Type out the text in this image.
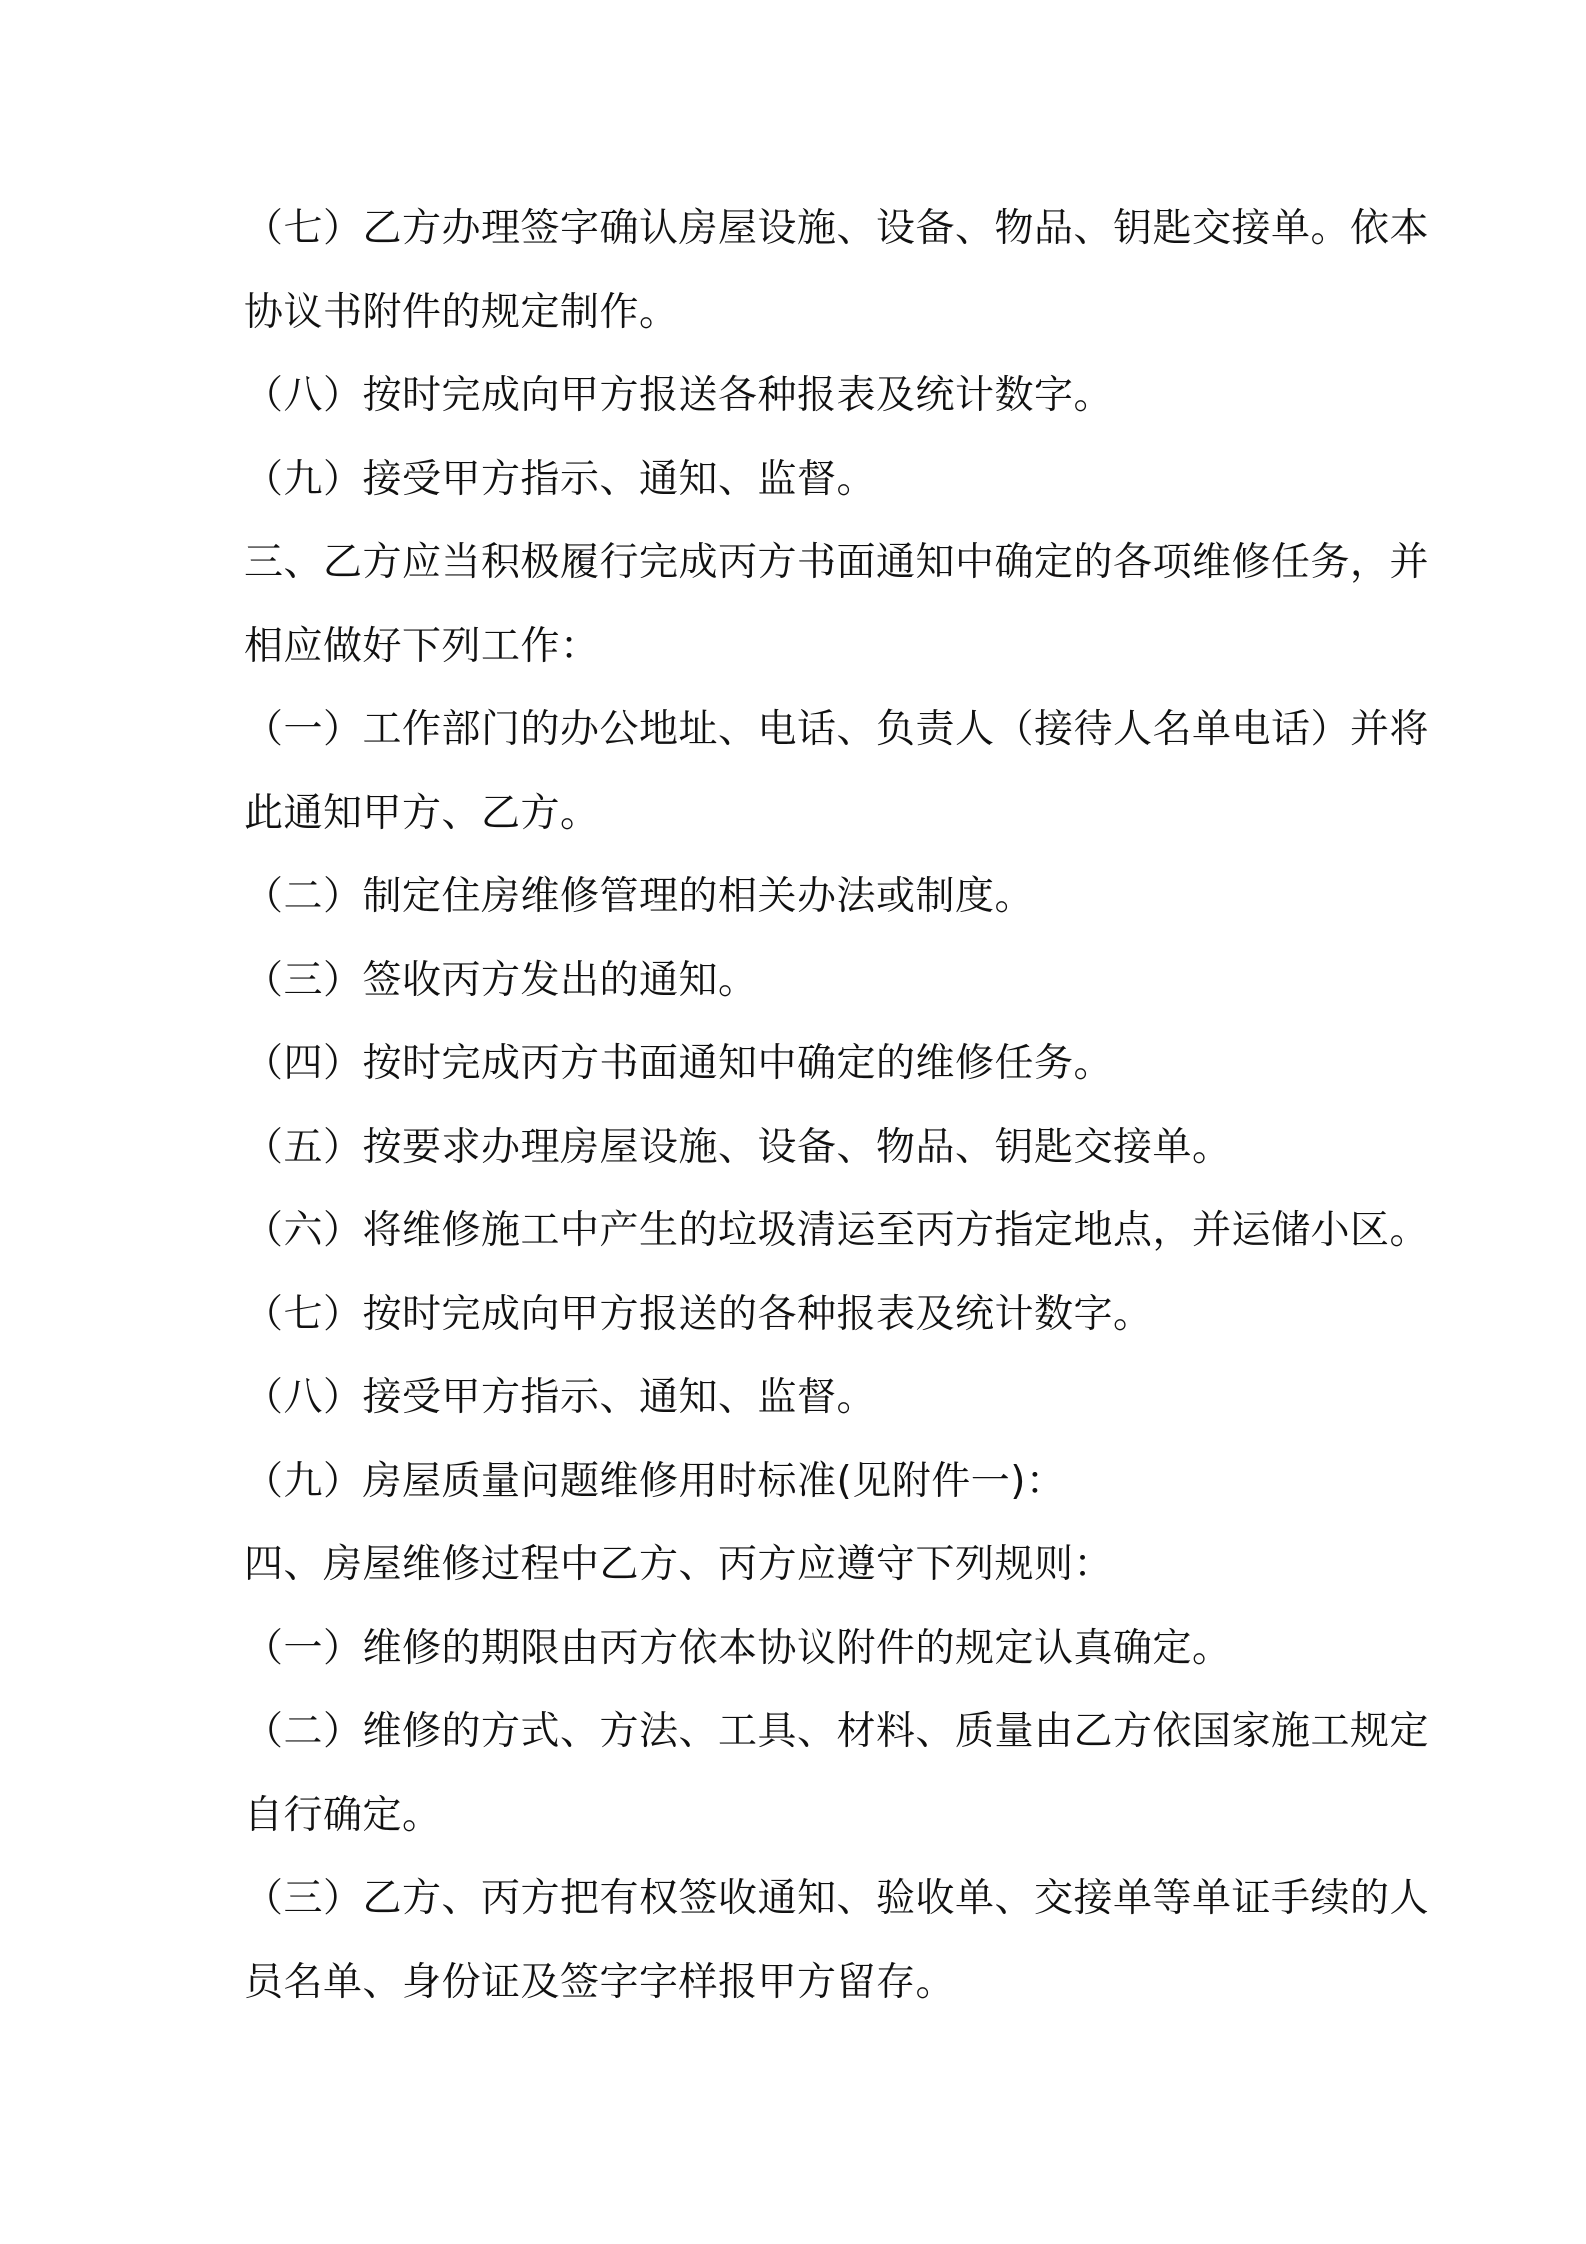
（七）乙方办理签字确认房屋设施、设备、物品、钥匙交接单。依本
协议书附件的规定制作。
（八）按时完成向甲方报送各种报表及统计数字。
（九）接受甲方指示、通知、监督。
三、乙方应当积极履行完成丙方书面通知中确定的各项维修任务，并
相应做好下列工作：
（一）工作部门的办公地址、电话、负责人（接待人名单电话）并将
此通知甲方、乙方。
（二）制定住房维修管理的相关办法或制度。
（三）签收丙方发出的通知。
（四）按时完成丙方书面通知中确定的维修任务。
（五）按要求办理房屋设施、设备、物品、钥匙交接单。
（六）将维修施工中产生的垃圾清运至丙方指定地点，并运储小区。
（七）按时完成向甲方报送的各种报表及统计数字。
（八）接受甲方指示、通知、监督。
（九）房屋质量问题维修用时标准(见附件一)：
四、房屋维修过程中乙方、丙方应遵守下列规则：
（一）维修的期限由丙方依本协议附件的规定认真确定。
（二）维修的方式、方法、工具、材料、质量由乙方依国家施工规定
自行确定。
（三）乙方、丙方把有权签收通知、验收单、交接单等单证手续的人
员名单、身份证及签字字样报甲方留存。
